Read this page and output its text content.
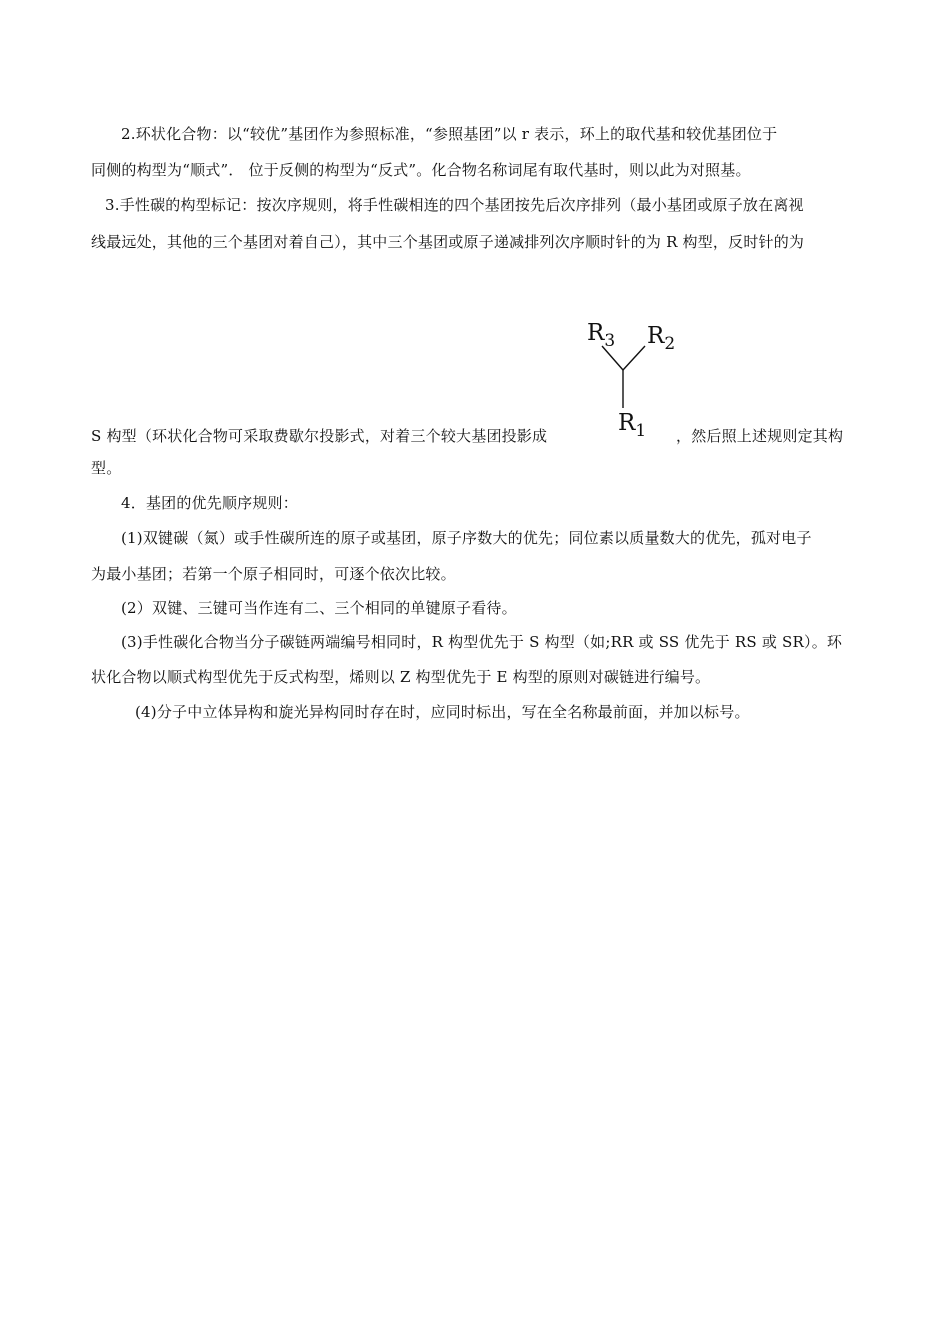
2.环状化合物：以“较优”基团作为参照标准，“参照基团”以 r 表示，环上的取代基和较优基团位于

同侧的构型为“顺式”． 位于反侧的构型为“反式”。化合物名称词尾有取代基时，则以此为对照基。

3.手性碳的构型标记：按次序规则，将手性碳相连的四个基团按先后次序排列（最小基团或原子放在离视

线最远处，其他的三个基团对着自己），其中三个基团或原子递减排列次序顺时针的为 R 构型，反时针的为

$R_3$ $R_2$
$R_1$

S 构型（环状化合物可采取费歇尔投影式，对着三个较大基团投影成	，然后照上述规则定其构

型。

4．基团的优先顺序规则：

(1)双键碳（氮）或手性碳所连的原子或基团，原子序数大的优先；同位素以质量数大的优先，孤对电子

为最小基团；若第一个原子相同时，可逐个依次比较。

(2）双键、三键可当作连有二、三个相同的单键原子看待。

(3)手性碳化合物当分子碳链两端编号相同时，R 构型优先于 S 构型（如;RR 或 SS 优先于 RS 或 SR）。环

状化合物以顺式构型优先于反式构型，烯则以 Z 构型优先于 E 构型的原则对碳链进行编号。

(4)分子中立体异构和旋光异构同时存在时，应同时标出，写在全名称最前面，并加以标号。
